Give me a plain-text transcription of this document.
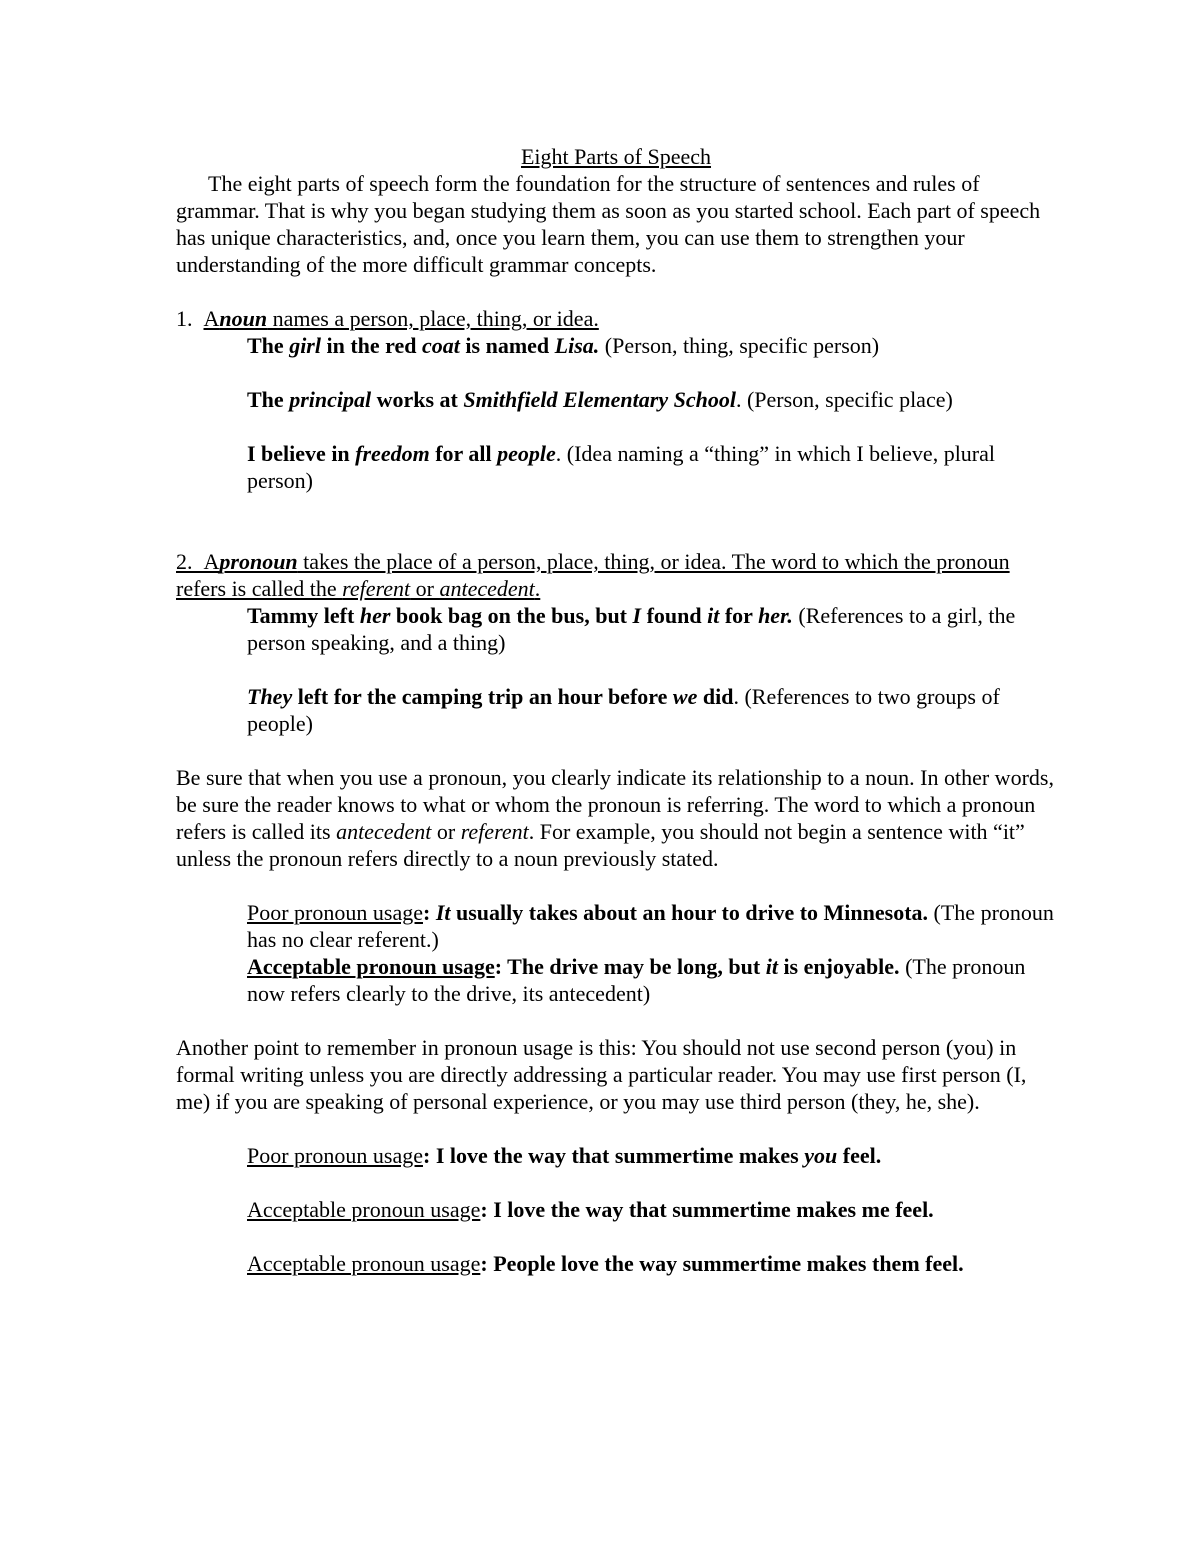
Eight Parts of Speech

The eight parts of speech form the foundation for the structure of sentences and rules of grammar. That is why you began studying them as soon as you started school. Each part of speech has unique characteristics, and, once you learn them, you can use them to strengthen your understanding of the more difficult grammar concepts.

1. Anoun names a person, place, thing, or idea.

The girl in the red coat is named Lisa. (Person, thing, specific person)

The principal works at Smithfield Elementary School. (Person, specific place)

I believe in freedom for all people. (Idea naming a “thing” in which I believe, plural person)

2. Apronoun takes the place of a person, place, thing, or idea. The word to which the pronoun refers is called the referent or antecedent.

Tammy left her book bag on the bus, but I found it for her. (References to a girl, the person speaking, and a thing)

They left for the camping trip an hour before we did. (References to two groups of people)

Be sure that when you use a pronoun, you clearly indicate its relationship to a noun. In other words, be sure the reader knows to what or whom the pronoun is referring. The word to which a pronoun refers is called its antecedent or referent. For example, you should not begin a sentence with “it” unless the pronoun refers directly to a noun previously stated.

Poor pronoun usage: It usually takes about an hour to drive to Minnesota. (The pronoun has no clear referent.)

Acceptable pronoun usage: The drive may be long, but it is enjoyable. (The pronoun now refers clearly to the drive, its antecedent)

Another point to remember in pronoun usage is this: You should not use second person (you) in formal writing unless you are directly addressing a particular reader. You may use first person (I, me) if you are speaking of personal experience, or you may use third person (they, he, she).

Poor pronoun usage: I love the way that summertime makes you feel.

Acceptable pronoun usage: I love the way that summertime makes me feel.

Acceptable pronoun usage: People love the way summertime makes them feel.
